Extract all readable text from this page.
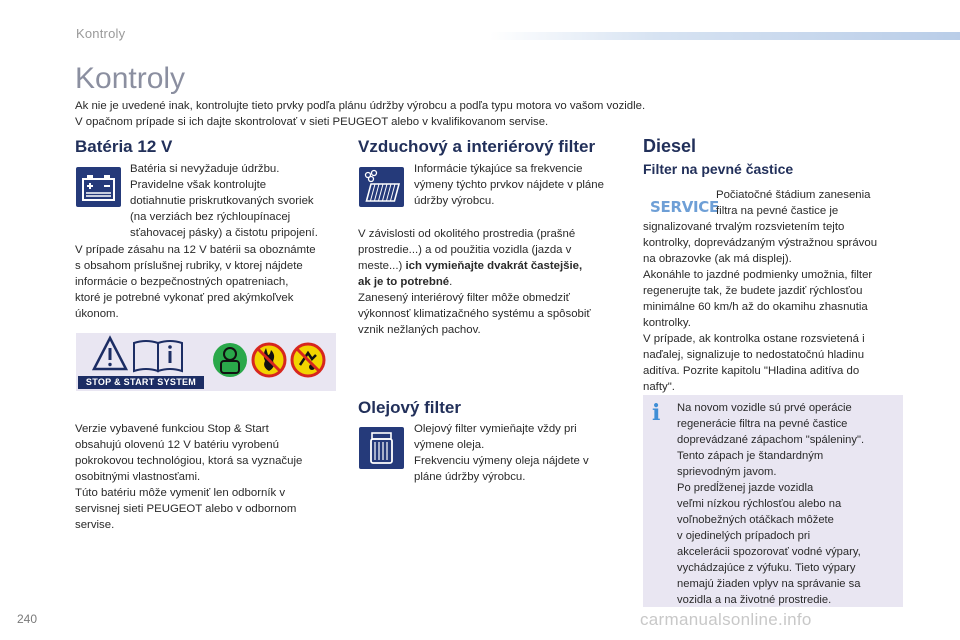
Kontroly
Kontroly
Ak nie je uvedené inak, kontrolujte tieto prvky podľa plánu údržby výrobcu a podľa typu motora vo vašom vozidle.
V opačnom prípade si ich dajte skontrolovať v sieti PEUGEOT alebo v kvalifikovanom servise.
Batéria 12 V
Batéria si nevyžaduje údržbu.
Pravidelne však kontrolujte
dotiahnutie priskrutkovaných svoriek
(na verziách bez rýchloupínacej
sťahovacej pásky) a čistotu pripojení.
V prípade zásahu na 12 V batérii sa oboznámte
s obsahom príslušnej rubriky, v ktorej nájdete
informácie o bezpečnostných opatreniach,
ktoré je potrebné vykonať pred akýmkoľvek
úkonom.
STOP & START SYSTEM
Verzie vybavené funkciou Stop & Start
obsahujú olovenú 12 V batériu vyrobenú
pokrokovou technológiou, ktorá sa vyznačuje
osobitnými vlastnosťami.
Túto batériu môže vymeniť len odborník v
servisnej sieti PEUGEOT alebo v odbornom
servise.
Vzduchový a interiérový filter
Informácie týkajúce sa frekvencie
výmeny týchto prvkov nájdete v pláne
údržby výrobcu.
V závislosti od okolitého prostredia (prašné
prostredie...) a od použitia vozidla (jazda v
meste...) ich vymieňajte dvakrát častejšie,
ak je to potrebné.
Zanesený interiérový filter môže obmedziť
výkonnosť klimatizačného systému a spôsobiť
vznik nežlaných pachov.
Olejový filter
Olejový filter vymieňajte vždy pri
výmene oleja.
Frekvenciu výmeny oleja nájdete v
pláne údržby výrobcu.
Diesel
Filter na pevné častice
SERVICE
Počiatočné štádium zanesenia
filtra na pevné častice je
signalizované trvalým rozsvietením tejto
kontrolky, doprevádzaným výstražnou správou
na obrazovke (ak má displej).
Akonáhle to jazdné podmienky umožnia, filter
regenerujte tak, že budete jazdiť rýchlosťou
minimálne 60 km/h až do okamihu zhasnutia
kontrolky.
V prípade, ak kontrolka ostane rozsvietená i
naďalej, signalizuje to nedostatočnú hladinu
aditíva. Pozrite kapitolu "Hladina aditíva do
nafty".
i Na novom vozidle sú prvé operácie
regenerácie filtra na pevné častice
doprevádzané zápachom "spáleniny".
Tento zápach je štandardným
sprievodným javom.
Po predĺženej jazde vozidla
veľmi nízkou rýchlosťou alebo na
voľnobežných otáčkach môžete
v ojedinelých prípadoch pri
akcelerácii spozorovať vodné výpary,
vychádzajúce z výfuku. Tieto výpary
nemajú žiaden vplyv na správanie sa
vozidla a na životné prostredie.
240	carmanualsonline.info
